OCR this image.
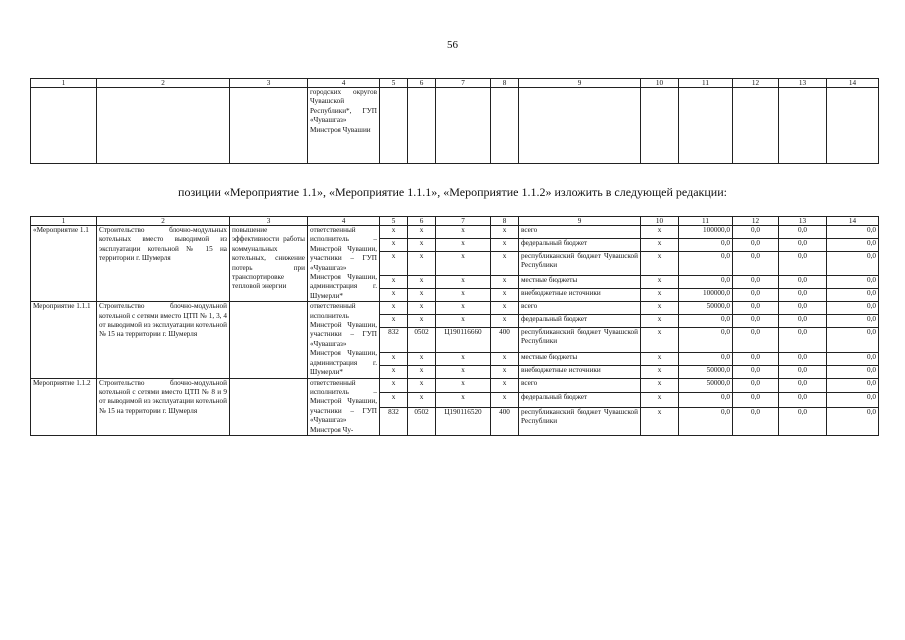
56
1	2	3	4	5	6	7	8	9	10	11	12	13	14
			городских округов Чувашской Республики*, ГУП «Чувашгаз» Минстроя Чувашии										
позиции «Мероприятие 1.1», «Мероприятие 1.1.1», «Мероприятие 1.1.2» изложить в следующей редакции:
1	2	3	4	5	6	7	8	9	10	11	12	13	14
«Мероприятие 1.1	Строительство блочно-модульных котельных вместо выводимой из эксплуатации котельной № 15 на территории г. Шумерля	повышение эффективности работы коммунальных котельных, снижение потерь при транспортировке тепловой энергии	ответственный исполнитель – Минстрой Чувашии, участники – ГУП «Чувашгаз» Минстроя Чувашии, администрация г. Шумерли*	x	x	x	x	всего	x	100000,0	0,0	0,0	0,0
				x	x	x	x	федеральный бюджет	x	0,0	0,0	0,0	0,0
				x	x	x	x	республиканский бюджет Чувашской Республики	x	0,0	0,0	0,0	0,0
				x	x	x	x	местные бюджеты	x	0,0	0,0	0,0	0,0
				x	x	x	x	внебюджетные источники	x	100000,0	0,0	0,0	0,0
Мероприятие 1.1.1	Строительство блочно-модульной котельной с сетями вместо ЦТП № 1, 3, 4 от выводимой из эксплуатации котельной № 15 на территории г. Шумерля		ответственный исполнитель Минстрой Чувашии, участники – ГУП «Чувашгаз» Минстроя Чувашии, администрация г. Шумерли*	x	x	x	x	всего	x	50000,0	0,0	0,0	0,0
				x	x	x	x	федеральный бюджет	x	0,0	0,0	0,0	0,0
				832	0502	Ц190116660	400	республиканский бюджет Чувашской Республики	x	0,0	0,0	0,0	0,0
				x	x	x	x	местные бюджеты	x	0,0	0,0	0,0	0,0
				x	x	x	x	внебюджетные источники	x	50000,0	0,0	0,0	0,0
Мероприятие 1.1.2	Строительство блочно-модульной котельной с сетями вместо ЦТП № 8 и 9 от выводимой из эксплуатации котельной № 15 на территории г. Шумерля		ответственный исполнитель – Минстрой Чувашии, участники – ГУП «Чувашгаз» Минстроя Чу-	x	x	x	x	всего	x	50000,0	0,0	0,0	0,0
				x	x	x	x	федеральный бюджет	x	0,0	0,0	0,0	0,0
				832	0502	Ц190116520	400	республиканский бюджет Чувашской Республики	x	0,0	0,0	0,0	0,0
